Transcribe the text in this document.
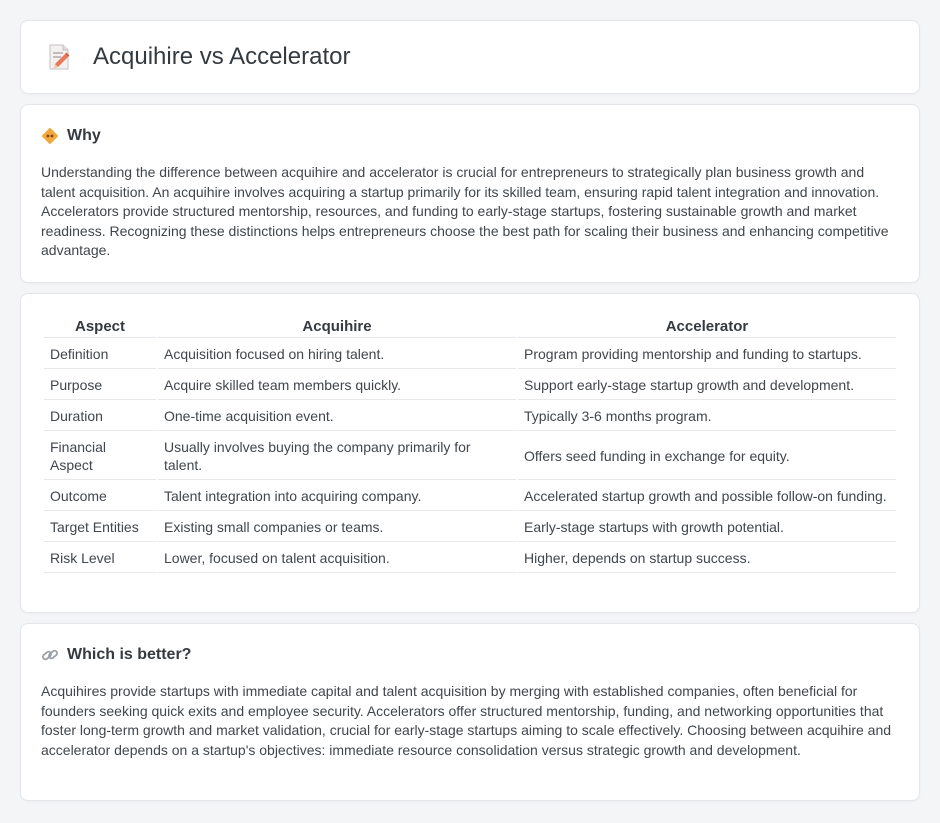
Acquihire vs Accelerator
Why

Understanding the difference between acquihire and accelerator is crucial for entrepreneurs to strategically plan business growth and talent acquisition. An acquihire involves acquiring a startup primarily for its skilled team, ensuring rapid talent integration and innovation. Accelerators provide structured mentorship, resources, and funding to early-stage startups, fostering sustainable growth and market readiness. Recognizing these distinctions helps entrepreneurs choose the best path for scaling their business and enhancing competitive advantage.

Aspect	Acquihire	Accelerator
Definition	Acquisition focused on hiring talent.	Program providing mentorship and funding to startups.
Purpose	Acquire skilled team members quickly.	Support early-stage startup growth and development.
Duration	One-time acquisition event.	Typically 3-6 months program.
Financial Aspect	Usually involves buying the company primarily for talent.	Offers seed funding in exchange for equity.
Outcome	Talent integration into acquiring company.	Accelerated startup growth and possible follow-on funding.
Target Entities	Existing small companies or teams.	Early-stage startups with growth potential.
Risk Level	Lower, focused on talent acquisition.	Higher, depends on startup success.
Which is better?

Acquihires provide startups with immediate capital and talent acquisition by merging with established companies, often beneficial for founders seeking quick exits and employee security. Accelerators offer structured mentorship, funding, and networking opportunities that foster long-term growth and market validation, crucial for early-stage startups aiming to scale effectively. Choosing between acquihire and accelerator depends on a startup's objectives: immediate resource consolidation versus strategic growth and development.
